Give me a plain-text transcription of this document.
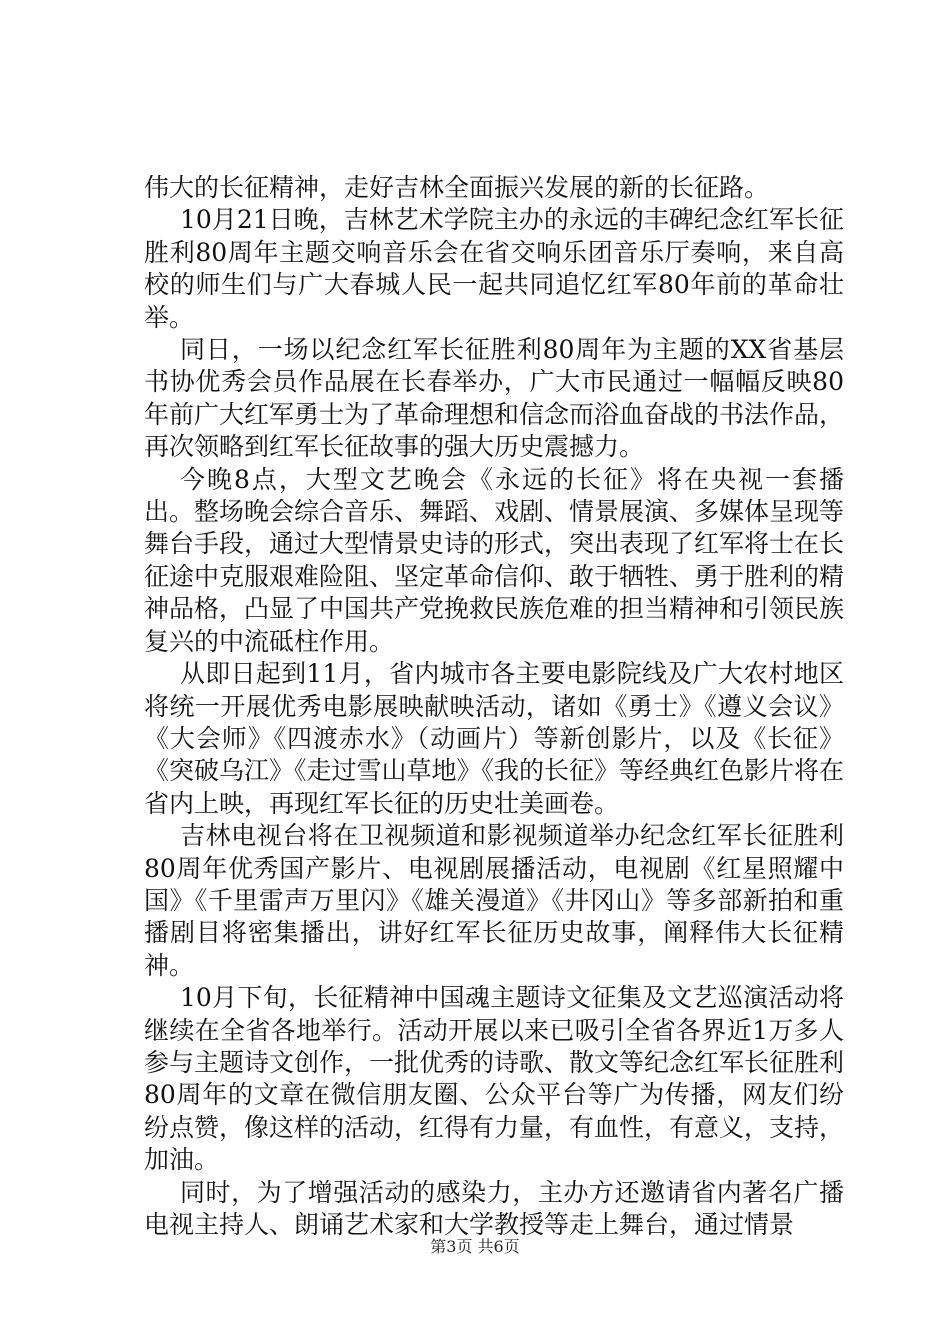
伟大的长征精神，走好吉林全面振兴发展的新的长征路。

10月21日晚，吉林艺术学院主办的永远的丰碑纪念红军长征胜利80周年主题交响音乐会在省交响乐团音乐厅奏响，来自高校的师生们与广大春城人民一起共同追忆红军80年前的革命壮举。

同日，一场以纪念红军长征胜利80周年为主题的XX省基层书协优秀会员作品展在长春举办，广大市民通过一幅幅反映80年前广大红军勇士为了革命理想和信念而浴血奋战的书法作品，再次领略到红军长征故事的强大历史震撼力。

今晚8点，大型文艺晚会《永远的长征》将在央视一套播出。整场晚会综合音乐、舞蹈、戏剧、情景展演、多媒体呈现等舞台手段，通过大型情景史诗的形式，突出表现了红军将士在长征途中克服艰难险阻、坚定革命信仰、敢于牺牲、勇于胜利的精神品格，凸显了中国共产党挽救民族危难的担当精神和引领民族复兴的中流砥柱作用。

从即日起到11月，省内城市各主要电影院线及广大农村地区将统一开展优秀电影展映献映活动，诸如《勇士》《遵义会议》《大会师》《四渡赤水》（动画片）等新创影片，以及《长征》《突破乌江》《走过雪山草地》《我的长征》等经典红色影片将在省内上映，再现红军长征的历史壮美画卷。

吉林电视台将在卫视频道和影视频道举办纪念红军长征胜利80周年优秀国产影片、电视剧展播活动，电视剧《红星照耀中国》《千里雷声万里闪》《雄关漫道》《井冈山》等多部新拍和重播剧目将密集播出，讲好红军长征历史故事，阐释伟大长征精神。

10月下旬，长征精神中国魂主题诗文征集及文艺巡演活动将继续在全省各地举行。活动开展以来已吸引全省各界近1万多人参与主题诗文创作，一批优秀的诗歌、散文等纪念红军长征胜利80周年的文章在微信朋友圈、公众平台等广为传播，网友们纷纷点赞，像这样的活动，红得有力量，有血性，有意义，支持，加油。

同时，为了增强活动的感染力，主办方还邀请省内著名广播电视主持人、朗诵艺术家和大学教授等走上舞台，通过情景

第3页 共6页
